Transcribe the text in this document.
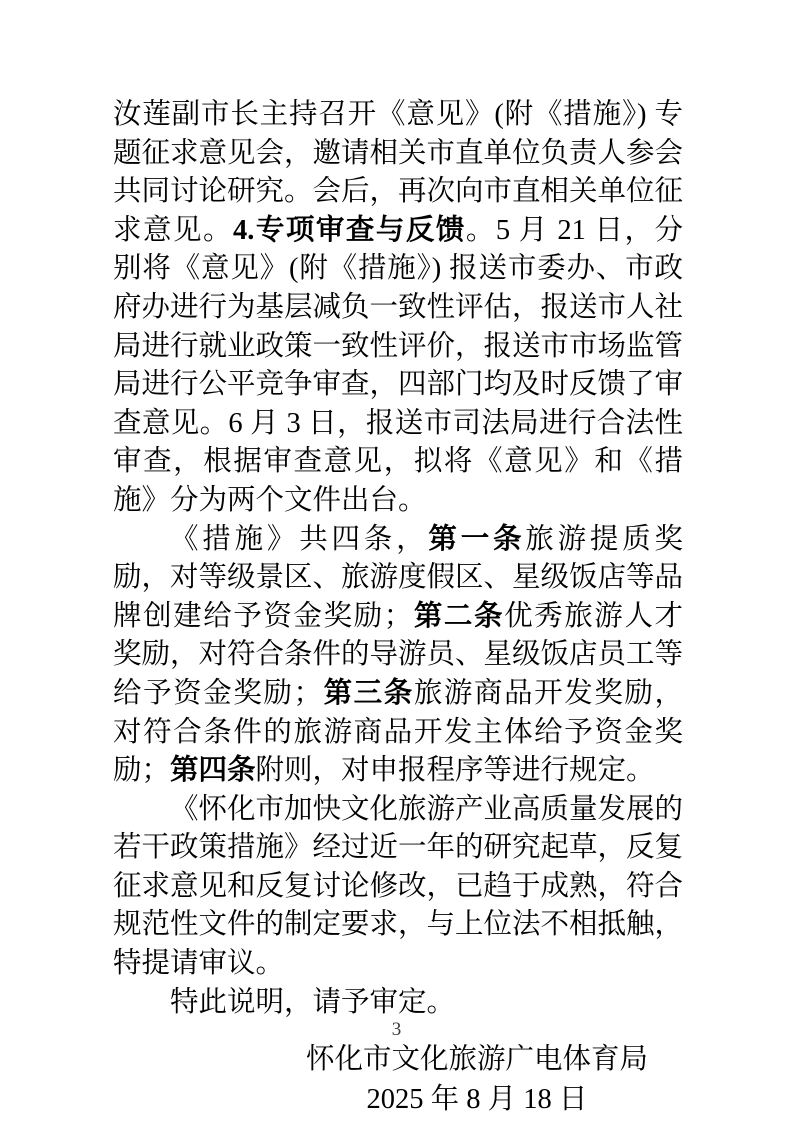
汝莲副市长主持召开《意见》(附《措施》) 专题征求意见会，邀请相关市直单位负责人参会共同讨论研究。会后，再次向市直相关单位征求意见。4.专项审查与反馈。5 月 21 日，分别将《意见》(附《措施》) 报送市委办、市政府办进行为基层减负一致性评估，报送市人社局进行就业政策一致性评价，报送市市场监管局进行公平竞争审查，四部门均及时反馈了审查意见。6 月 3 日，报送市司法局进行合法性审查，根据审查意见，拟将《意见》和《措施》分为两个文件出台。

《措施》共四条，第一条旅游提质奖励，对等级景区、旅游度假区、星级饭店等品牌创建给予资金奖励；第二条优秀旅游人才奖励，对符合条件的导游员、星级饭店员工等给予资金奖励；第三条旅游商品开发奖励，对符合条件的旅游商品开发主体给予资金奖励；第四条附则，对申报程序等进行规定。

《怀化市加快文化旅游产业高质量发展的若干政策措施》经过近一年的研究起草，反复征求意见和反复讨论修改，已趋于成熟，符合规范性文件的制定要求，与上位法不相抵触，特提请审议。

特此说明，请予审定。

怀化市文化旅游广电体育局
2025 年 8 月 18 日
3
